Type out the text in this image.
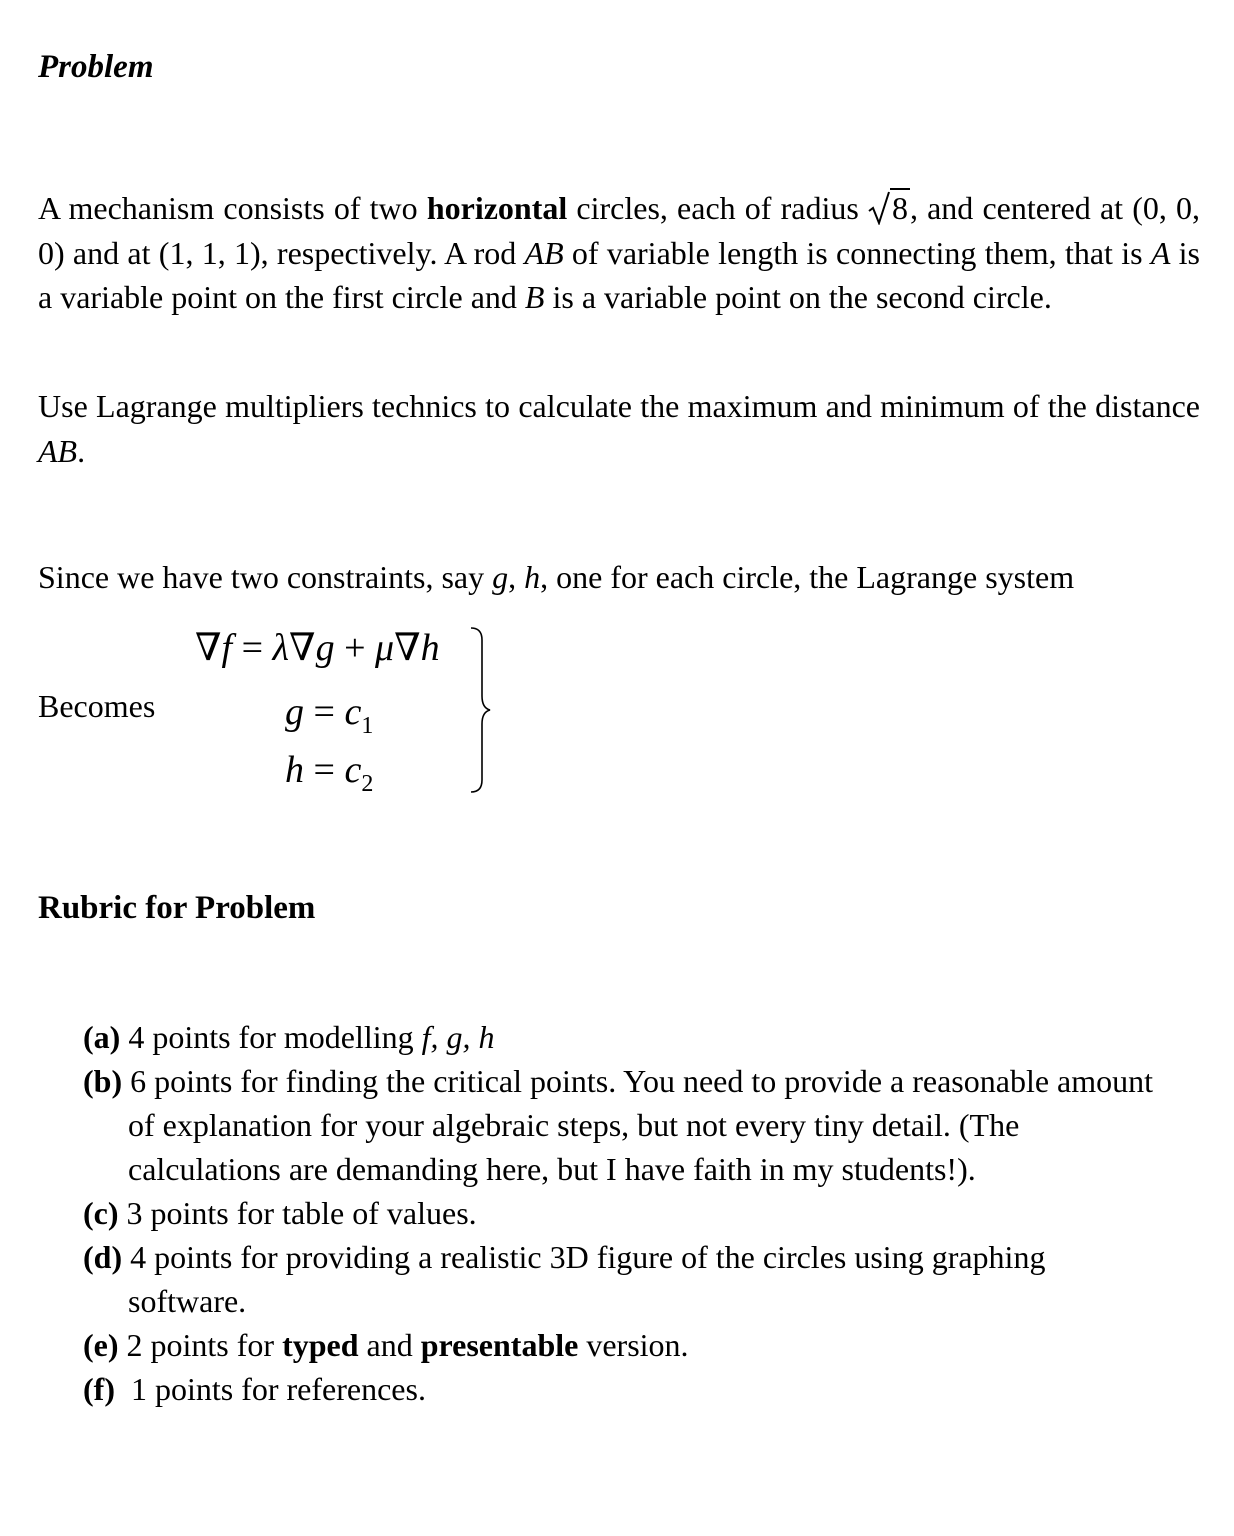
Problem

A mechanism consists of two horizontal circles, each of radius 8, and centered at (0, 0, 0) and at (1, 1, 1), respectively. A rod AB of variable length is connecting them, that is A is a variable point on the first circle and B is a variable point on the second circle.

Use Lagrange multipliers technics to calculate the maximum and minimum of the distance AB.

Since we have two constraints, say g, h, one for each circle, the Lagrange system

Becomes
∇f = λ∇g + μ∇h
$g = c_1$
$h = c_2$
Rubric for Problem
(a) 4 points for modelling f, g, h
(b) 6 points for finding the critical points. You need to provide a reasonable amount of explanation for your algebraic steps, but not every tiny detail. (The calculations are demanding here, but I have faith in my students!).
(c) 3 points for table of values.
(d) 4 points for providing a realistic 3D figure of the circles using graphing software.
(e) 2 points for typed and presentable version.
(f)  1 points for references.
